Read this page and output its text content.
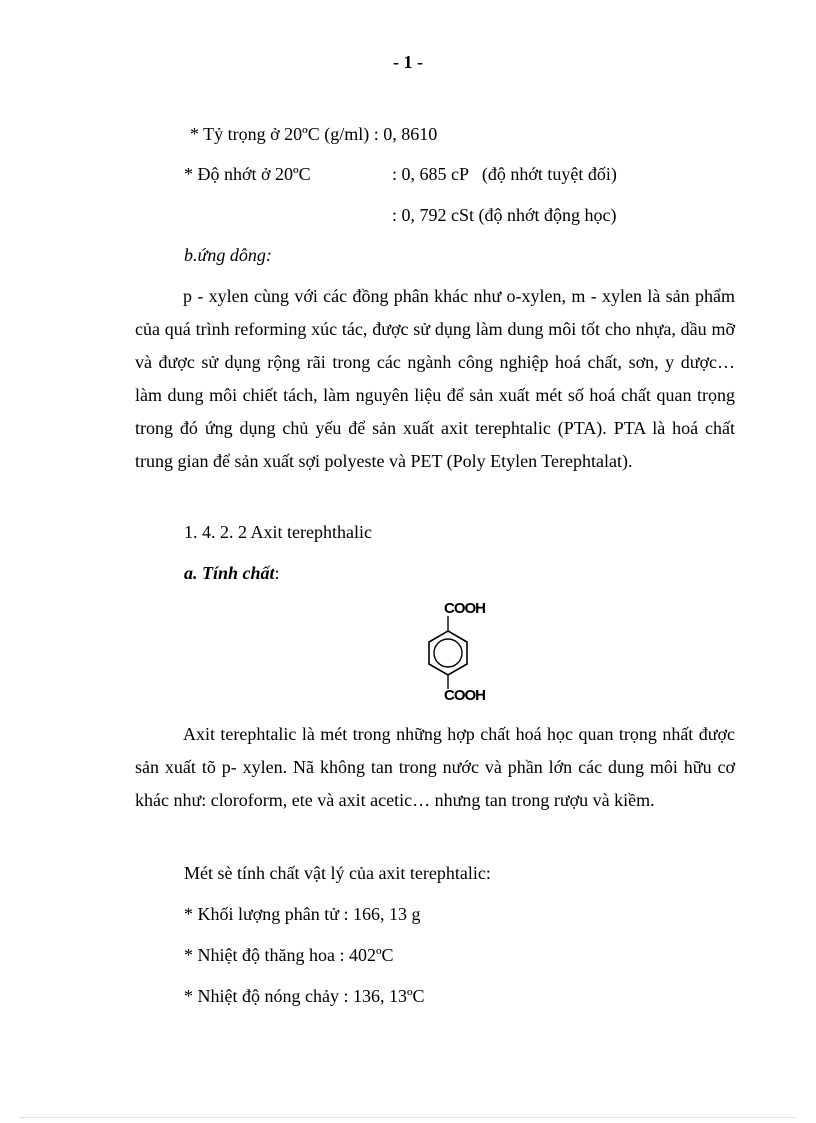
- 1 -
* Tỷ trọng ở 20ºC (g/ml) : 0, 8610
* Độ nhớt ở 20ºC	: 0, 685 cP   (độ nhớt tuyệt đối)
: 0, 792 cSt (độ nhớt động học)
b.ứng dông:
p - xylen cùng với các đồng phân khác như o-xylen, m - xylen là sản phẩm của quá trình reforming xúc tác, được sử dụng làm dung môi tốt cho nhựa, dầu mỡ và được sử dụng rộng rãi trong các ngành công nghiệp hoá chất, sơn, y dược… làm dung môi chiết tách, làm nguyên liệu để sản xuất mét số hoá chất quan trọng trong đó ứng dụng chủ yếu để sản xuất axit terephtalic (PTA). PTA là hoá chất trung gian để sản xuất sợi polyeste và PET (Poly Etylen Terephtalat).
1. 4. 2. 2 Axit terephthalic
a. Tính chất:
COOH
COOH
Axit terephtalic là mét trong những hợp chất hoá học quan trọng nhất được sản xuất tõ p- xylen. Nã không tan trong nước và phần lớn các dung môi hữu cơ khác như: cloroform, ete và axit acetic… nhưng tan trong rượu và kiềm.
Mét sè tính chất vật lý của axit terephtalic:
* Khối lượng phân tử : 166, 13 g
* Nhiệt độ thăng hoa : 402ºC
* Nhiệt độ nóng chảy : 136, 13ºC
